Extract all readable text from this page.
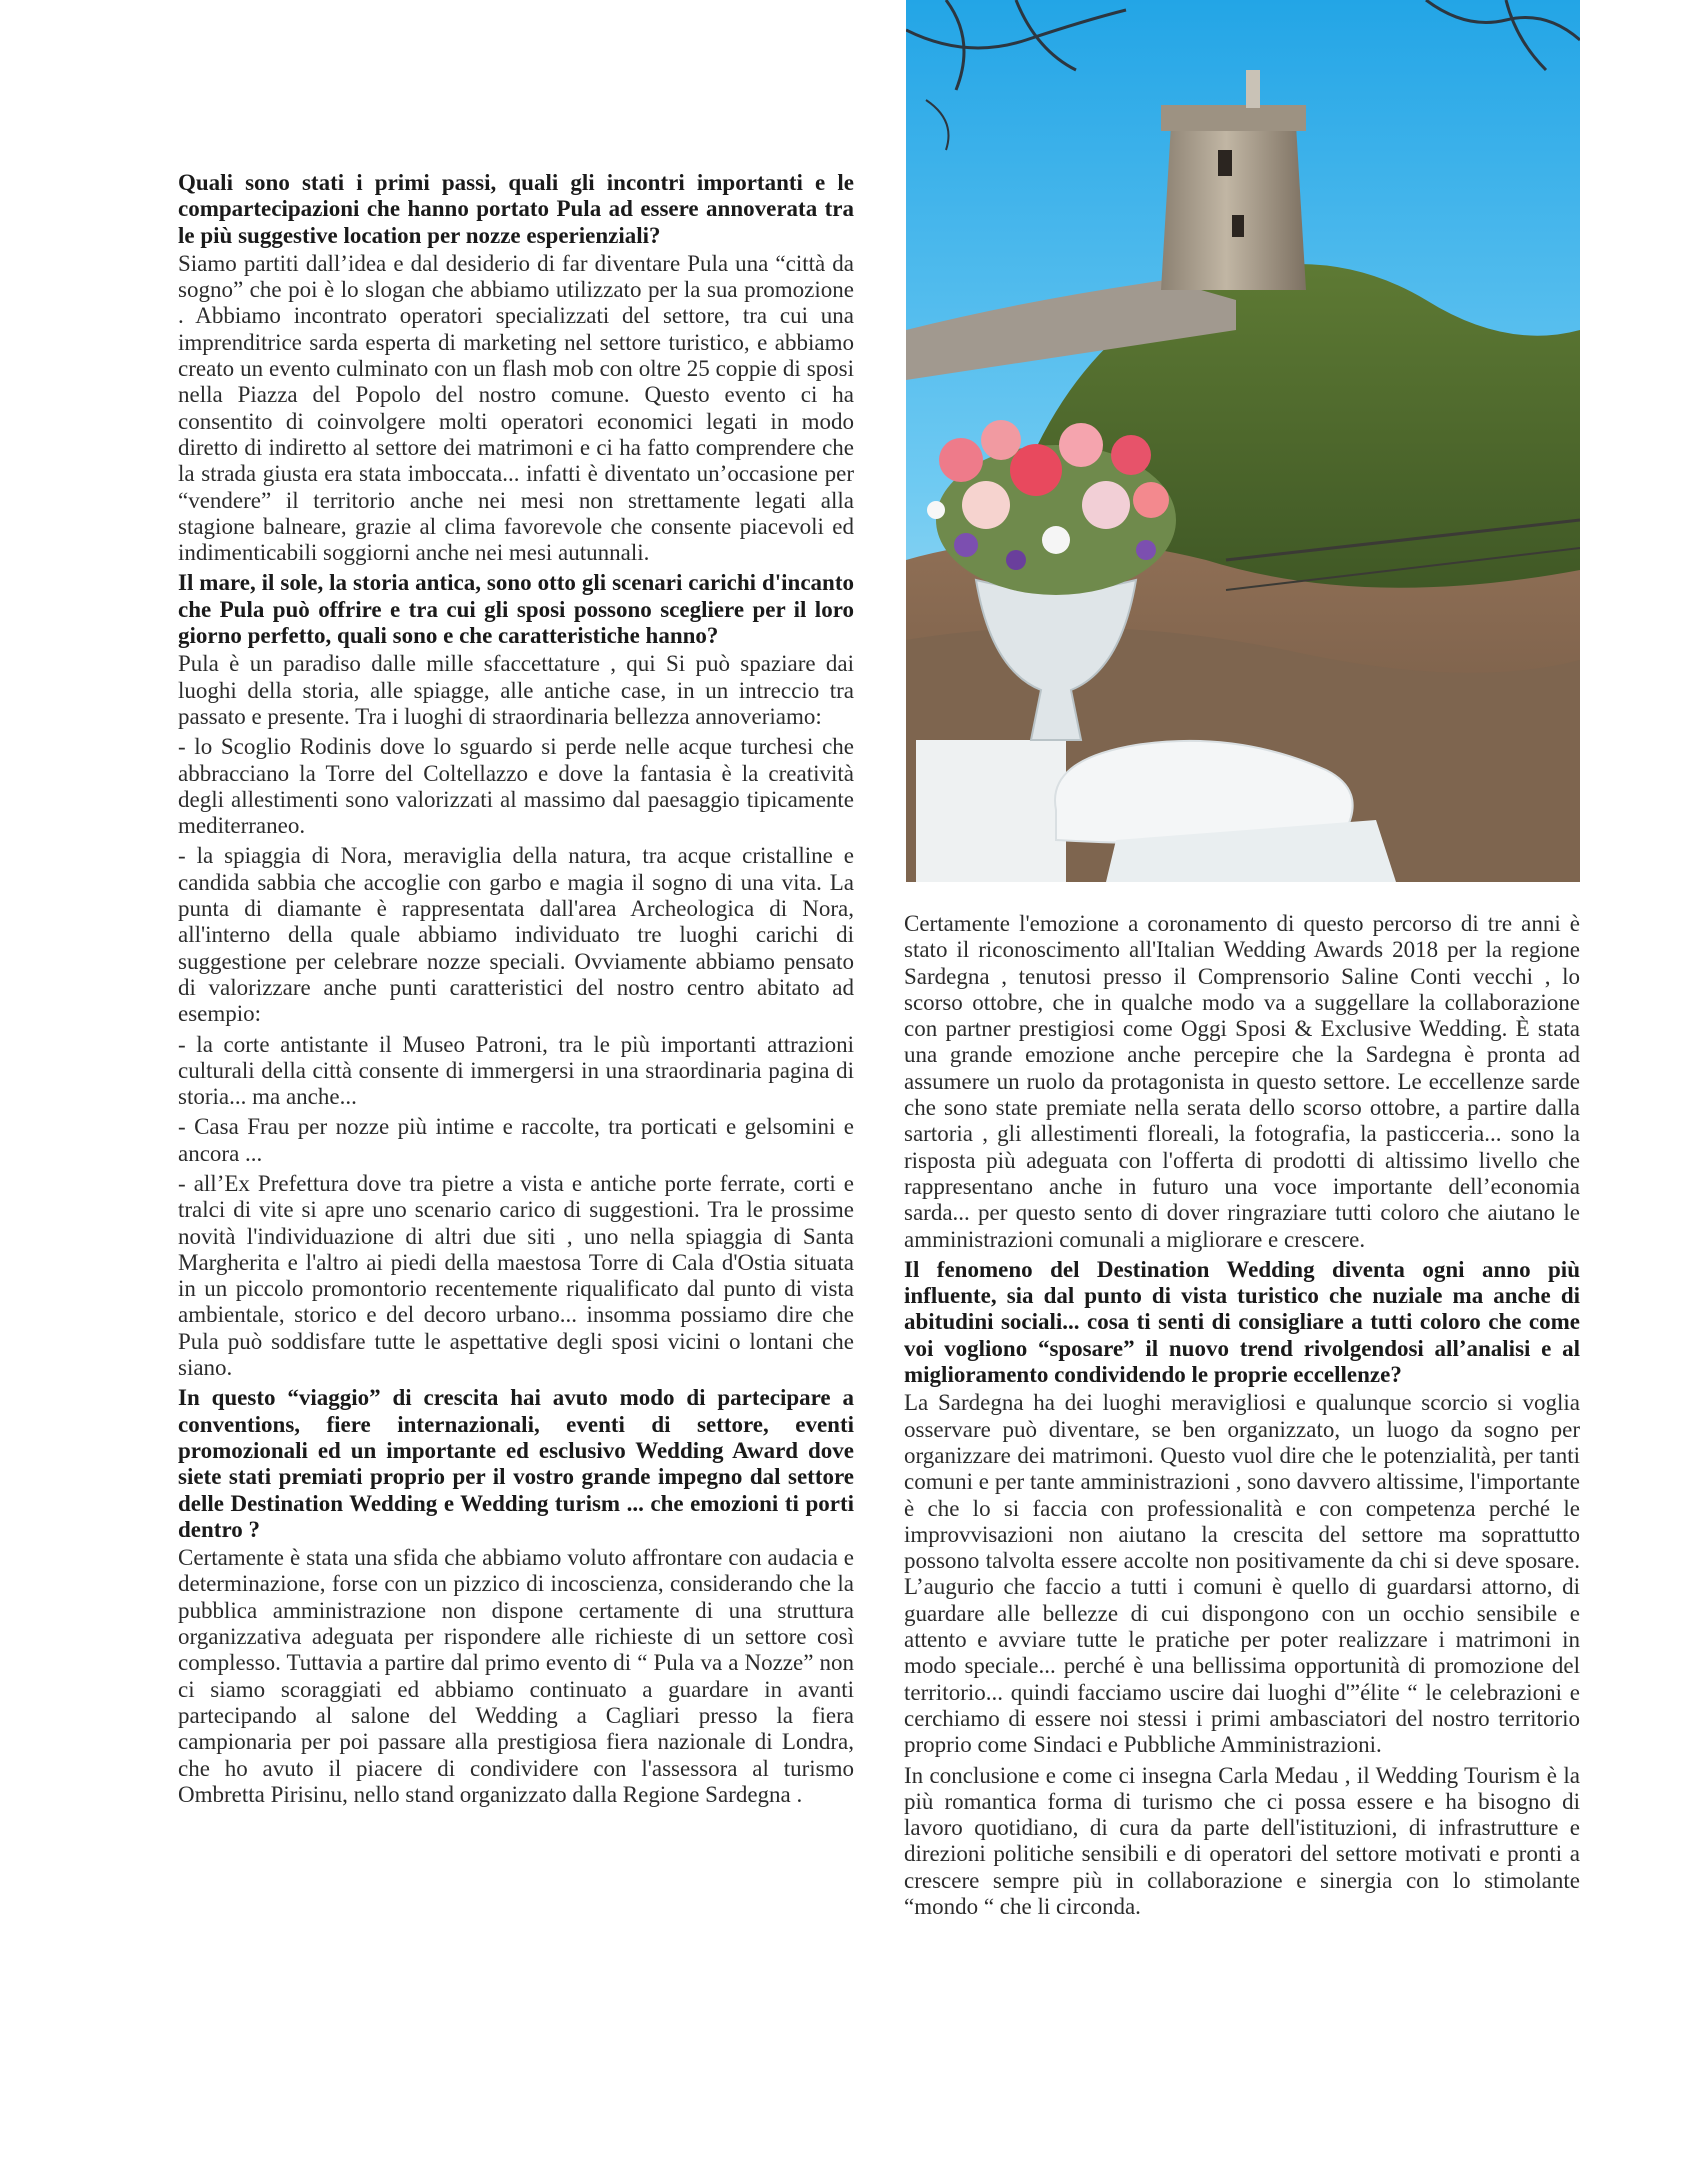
Quali sono stati i primi passi, quali gli incontri importanti e le compartecipazioni che hanno portato Pula ad essere annoverata tra le più suggestive location per nozze esperienziali?

Siamo partiti dall’idea e dal desiderio di far diventare Pula una “città da sogno” che poi è lo slogan che abbiamo utilizzato per la sua promozione . Abbiamo incontrato operatori specializzati del settore, tra cui una imprenditrice sarda esperta di marketing nel settore turistico, e abbiamo creato un evento culminato con un flash mob con oltre 25 coppie di sposi nella Piazza del Popolo del nostro comune. Questo evento ci ha consentito di coinvolgere molti operatori economici legati in modo diretto di indiretto al settore dei matrimoni e ci ha fatto comprendere che la strada giusta era stata imboccata... infatti è diventato un’occasione per “vendere” il territorio anche nei mesi non strettamente legati alla stagione balneare, grazie al clima favorevole che consente piacevoli ed indimenticabili soggiorni anche nei mesi autunnali.

Il mare, il sole, la storia antica, sono otto gli scenari carichi d'incanto che Pula può offrire e tra cui gli sposi possono scegliere per il loro giorno perfetto, quali sono e che caratteristiche hanno?

Pula è un paradiso dalle mille sfaccettature , qui Si può spaziare dai luoghi della storia, alle spiagge, alle antiche case, in un intreccio tra passato e presente. Tra i luoghi di straordinaria bellezza annoveriamo:

- lo Scoglio Rodinis dove lo sguardo si perde nelle acque turchesi che abbracciano la Torre del Coltellazzo e dove la fantasia è la creatività degli allestimenti sono valorizzati al massimo dal paesaggio tipicamente mediterraneo.

- la spiaggia di Nora, meraviglia della natura, tra acque cristalline e candida sabbia che accoglie con garbo e magia il sogno di una vita. La punta di diamante è rappresentata dall'area Archeologica di Nora, all'interno della quale abbiamo individuato tre luoghi carichi di suggestione per celebrare nozze speciali. Ovviamente abbiamo pensato di valorizzare anche punti caratteristici del nostro centro abitato ad esempio:

- la corte antistante il Museo Patroni, tra le più importanti attrazioni culturali della città consente di immergersi in una straordinaria pagina di storia... ma anche...

- Casa Frau per nozze più intime e raccolte, tra porticati e gelsomini e ancora ...

- all’Ex Prefettura dove tra pietre a vista e antiche porte ferrate, corti e tralci di vite si apre uno scenario carico di suggestioni. Tra le prossime novità l'individuazione di altri due siti , uno nella spiaggia di Santa Margherita e l'altro ai piedi della maestosa Torre di Cala d'Ostia situata in un piccolo promontorio recentemente riqualificato dal punto di vista ambientale, storico e del decoro urbano... insomma possiamo dire che Pula può soddisfare tutte le aspettative degli sposi vicini o lontani che siano.

In questo “viaggio” di crescita hai avuto modo di partecipare a conventions, fiere internazionali, eventi di settore, eventi promozionali ed un importante ed esclusivo Wedding Award dove siete stati premiati proprio per il vostro grande impegno dal settore delle Destination Wedding e Wedding turism ... che emozioni ti porti dentro ?

Certamente è stata una sfida che abbiamo voluto affrontare con audacia e determinazione, forse con un pizzico di incoscienza, considerando che la pubblica amministrazione non dispone certamente di una struttura organizzativa adeguata per rispondere alle richieste di un settore così complesso. Tuttavia a partire dal primo evento di “ Pula va a Nozze” non ci siamo scoraggiati ed abbiamo continuato a guardare in avanti partecipando al salone del Wedding a Cagliari presso la fiera campionaria per poi passare alla prestigiosa fiera nazionale di Londra, che ho avuto il piacere di condividere con l'assessora al turismo Ombretta Pirisinu, nello stand organizzato dalla Regione Sardegna .

Certamente l'emozione a coronamento di questo percorso di tre anni è stato il riconoscimento all'Italian Wedding Awards 2018 per la regione Sardegna , tenutosi presso il Comprensorio Saline Conti vecchi , lo scorso ottobre, che in qualche modo va a suggellare la collaborazione con partner prestigiosi come Oggi Sposi & Exclusive Wedding. È stata una grande emozione anche percepire che la Sardegna è pronta ad assumere un ruolo da protagonista in questo settore. Le eccellenze sarde che sono state premiate nella serata dello scorso ottobre, a partire dalla sartoria , gli allestimenti floreali, la fotografia, la pasticceria... sono la risposta più adeguata con l'offerta di prodotti di altissimo livello che rappresentano anche in futuro una voce importante dell’economia sarda... per questo sento di dover ringraziare tutti coloro che aiutano le amministrazioni comunali a migliorare e crescere.

Il fenomeno del Destination Wedding diventa ogni anno più influente, sia dal punto di vista turistico che nuziale ma anche di abitudini sociali... cosa ti senti di consigliare a tutti coloro che come voi vogliono “sposare” il nuovo trend rivolgendosi all’analisi e al miglioramento condividendo le proprie eccellenze?

La Sardegna ha dei luoghi meravigliosi e qualunque scorcio si voglia osservare può diventare, se ben organizzato, un luogo da sogno per organizzare dei matrimoni. Questo vuol dire che le potenzialità, per tanti comuni e per tante amministrazioni , sono davvero altissime, l'importante è che lo si faccia con professionalità e con competenza perché le improvvisazioni non aiutano la crescita del settore ma soprattutto possono talvolta essere accolte non positivamente da chi si deve sposare. L’augurio che faccio a tutti i comuni è quello di guardarsi attorno, di guardare alle bellezze di cui dispongono con un occhio sensibile e attento e avviare tutte le pratiche per poter realizzare i matrimoni in modo speciale... perché è una bellissima opportunità di promozione del territorio... quindi facciamo uscire dai luoghi d'”élite “ le celebrazioni e cerchiamo di essere noi stessi i primi ambasciatori del nostro territorio proprio come Sindaci e Pubbliche Amministrazioni.

In conclusione e come ci insegna Carla Medau , il Wedding Tourism è la più romantica forma di turismo che ci possa essere e ha bisogno di lavoro quotidiano, di cura da parte dell'istituzioni, di infrastrutture e direzioni politiche sensibili e di operatori del settore motivati e pronti a crescere sempre più in collaborazione e sinergia con lo stimolante “mondo “ che li circonda.
